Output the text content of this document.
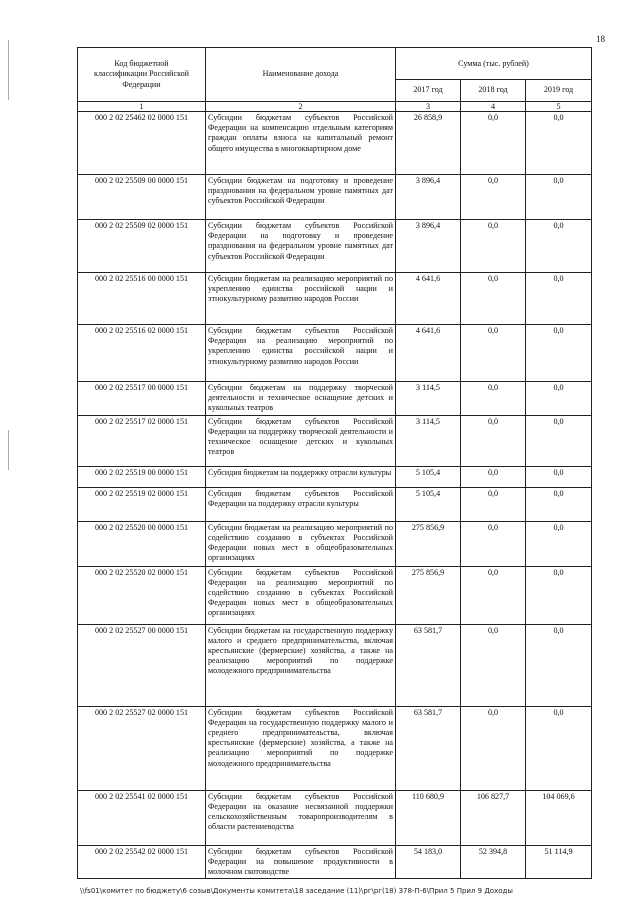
18
Код бюджетной классификации Российской Федерации	Наименование дохода	Сумма (тыс. рублей)		
		2017 год	2018 год	2019 год
1	2	3	4	5
000 2 02 25462 02 0000 151	Субсидии бюджетам субъектов Российской Федерации на компенсацию отдельным категориям граждан оплаты взноса на капитальный ремонт общего имущества в многоквартирном доме	26 858,9	0,0	0,0
000 2 02 25509 00 0000 151	Субсидии бюджетам на подготовку и проведение празднования на федеральном уровне памятных дат субъектов Российской Федерации	3 896,4	0,0	0,0
000 2 02 25509 02 0000 151	Субсидии бюджетам субъектов Российской Федерации на подготовку и проведение празднования на федеральном уровне памятных дат субъектов Российской Федерации	3 896,4	0,0	0,0
000 2 02 25516 00 0000 151	Субсидии бюджетам на реализацию мероприятий по укреплению единства российской нации и этнокультурному развитию народов России	4 641,6	0,0	0,0
000 2 02 25516 02 0000 151	Субсидии бюджетам субъектов Российской Федерации на реализацию мероприятий по укреплению единства российской нации и этнокультурному развитию народов России	4 641,6	0,0	0,0
000 2 02 25517 00 0000 151	Субсидии бюджетам на поддержку творческой деятельности и техническое оснащение детских и кукольных театров	3 114,5	0,0	0,0
000 2 02 25517 02 0000 151	Субсидии бюджетам субъектов Российской Федерации на поддержку творческой деятельности и техническое оснащение детских и кукольных театров	3 114,5	0,0	0,0
000 2 02 25519 00 0000 151	Субсидия бюджетам на поддержку отрасли культуры	5 105,4	0,0	0,0
000 2 02 25519 02 0000 151	Субсидия бюджетам субъектов Российской Федерации на поддержку отрасли культуры	5 105,4	0,0	0,0
000 2 02 25520 00 0000 151	Субсидии бюджетам на реализацию мероприятий по содействию созданию в субъектах Российской Федерации новых мест в общеобразовательных организациях	275 856,9	0,0	0,0
000 2 02 25520 02 0000 151	Субсидии бюджетам субъектов Российской Федерации на реализацию мероприятий по содействию созданию в субъектах Российской Федерации новых мест в общеобразовательных организациях	275 856,9	0,0	0,0
000 2 02 25527 00 0000 151	Субсидии бюджетам на государственную поддержку малого и среднего предпринимательства, включая крестьянские (фермерские) хозяйства, а также на реализацию мероприятий по поддержке молодежного предпринимательства	63 581,7	0,0	0,0
000 2 02 25527 02 0000 151	Субсидии бюджетам субъектов Российской Федерации на государственную поддержку малого и среднего предпринимательства, включая крестьянские (фермерские) хозяйства, а также на реализацию мероприятий по поддержке молодежного предпринимательства	63 581,7	0,0	0,0
000 2 02 25541 02 0000 151	Субсидии бюджетам субъектов Российской Федерации на оказание несвязанной поддержки сельскохозяйственным товаропроизводителям в области растениеводства	110 680,9	106 827,7	104 069,6
000 2 02 25542 02 0000 151	Субсидии бюджетам субъектов Российской Федерации на повышение продуктивности в молочном скотоводстве	54 183,0	52 394,8	51 114,9
\\fs01\комитет по бюджету\6 созыв\Документы комитета\18 заседание (11)\рг\рг(18) 378-П-6\Прил 5 Прил 9 Доходы
